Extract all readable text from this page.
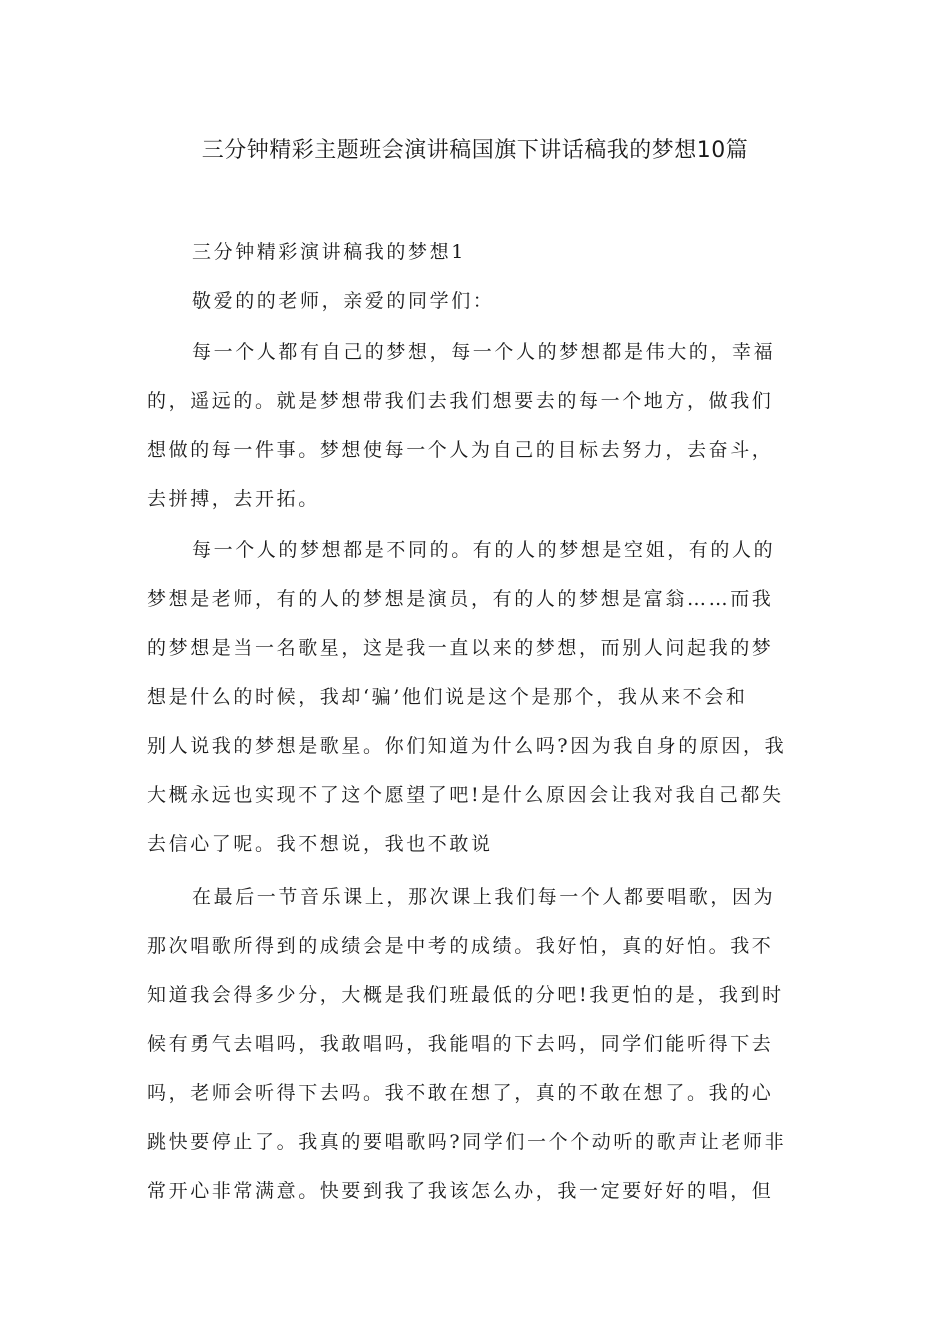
三分钟精彩主题班会演讲稿国旗下讲话稿我的梦想10篇

三分钟精彩演讲稿我的梦想1

敬爱的的老师，亲爱的同学们：

每一个人都有自己的梦想，每一个人的梦想都是伟大的，幸福
的，遥远的。就是梦想带我们去我们想要去的每一个地方，做我们
想做的每一件事。梦想使每一个人为自己的目标去努力，去奋斗，
去拼搏，去开拓。
每一个人的梦想都是不同的。有的人的梦想是空姐，有的人的
梦想是老师，有的人的梦想是演员，有的人的梦想是富翁……而我
的梦想是当一名歌星，这是我一直以来的梦想，而别人问起我的梦
想是什么的时候，我却‘骗’他们说是这个是那个，我从来不会和
别人说我的梦想是歌星。你们知道为什么吗?因为我自身的原因，我
大概永远也实现不了这个愿望了吧!是什么原因会让我对我自己都失
去信心了呢。我不想说，我也不敢说
在最后一节音乐课上，那次课上我们每一个人都要唱歌，因为
那次唱歌所得到的成绩会是中考的成绩。我好怕，真的好怕。我不
知道我会得多少分，大概是我们班最低的分吧!我更怕的是，我到时
候有勇气去唱吗，我敢唱吗，我能唱的下去吗，同学们能听得下去
吗，老师会听得下去吗。我不敢在想了，真的不敢在想了。我的心
跳快要停止了。我真的要唱歌吗?同学们一个个动听的歌声让老师非
常开心非常满意。快要到我了我该怎么办，我一定要好好的唱，但
